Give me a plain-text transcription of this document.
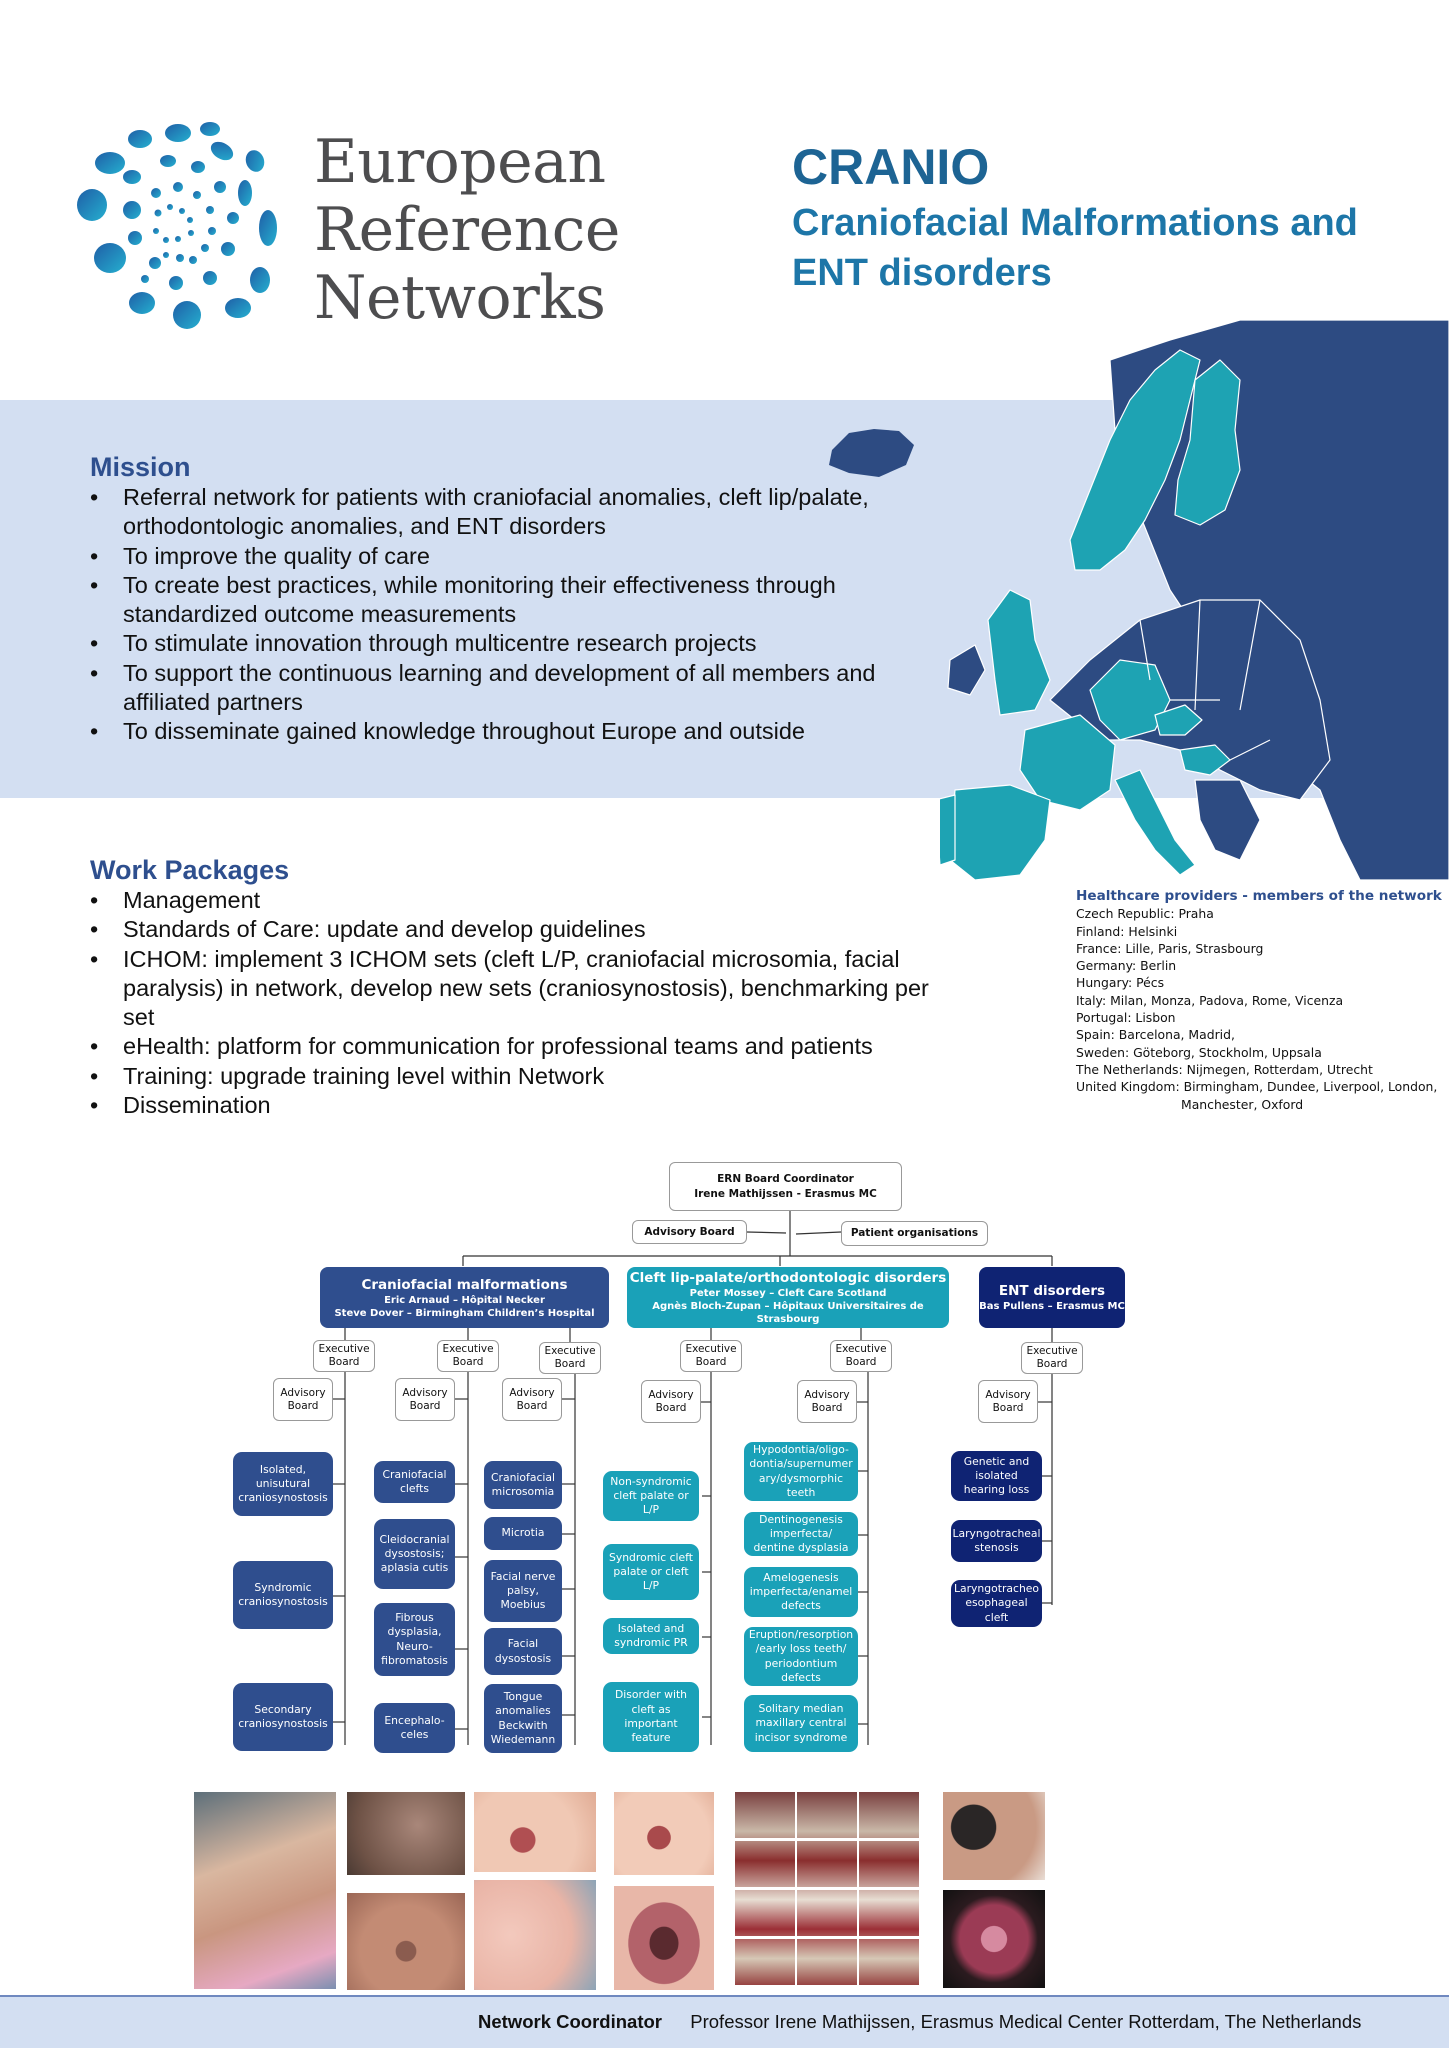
European
Reference
Networks
CRANIO
Craniofacial Malformations and
ENT disorders
Mission
• Referral network for patients with craniofacial anomalies, cleft lip/palate, orthodontologic anomalies, and ENT disorders
• To improve the quality of care
• To create best practices, while monitoring their effectiveness through standardized outcome measurements
• To stimulate innovation through multicentre research projects
• To support the continuous learning and development of all members and affiliated partners
• To disseminate gained knowledge throughout Europe and outside
Work Packages
• Management
• Standards of Care: update and develop guidelines
• ICHOM: implement 3 ICHOM sets (cleft L/P, craniofacial microsomia, facial paralysis) in network, develop new sets (craniosynostosis), benchmarking per set
• eHealth: platform for communication for professional teams and patients
• Training: upgrade training level within Network
• Dissemination
Healthcare providers - members of the network
Czech Republic: Praha
Finland: Helsinki
France: Lille, Paris, Strasbourg
Germany: Berlin
Hungary: Pécs
Italy: Milan, Monza, Padova, Rome, Vicenza
Portugal: Lisbon
Spain: Barcelona, Madrid,
Sweden: Göteborg, Stockholm, Uppsala
The Netherlands: Nijmegen, Rotterdam, Utrecht
United Kingdom: Birmingham, Dundee, Liverpool, London,
Manchester, Oxford
ERN Board Coordinator
Irene Mathijssen - Erasmus MC
Advisory Board	Patient organisations
Craniofacial malformations
Eric Arnaud – Hôpital Necker
Steve Dover – Birmingham Children’s Hospital
Cleft lip-palate/orthodontologic disorders
Peter Mossey – Cleft Care Scotland
Agnès Bloch-Zupan – Hôpitaux Universitaires de Strasbourg
ENT disorders
Bas Pullens – Erasmus MC
Executive Board
Executive Board
Executive Board
Executive Board
Executive Board
Executive Board
Advisory Board
Advisory Board
Advisory Board
Advisory Board
Advisory Board
Advisory Board
Isolated, unisutural craniosynostosis
Syndromic craniosynostosis
Secondary craniosynostosis
Craniofacial clefts
Cleidocranial dysostosis; aplasia cutis
Fibrous dysplasia, Neuro-fibromatosis
Encephalo-celes
Craniofacial microsomia
Microtia
Facial nerve palsy, Moebius
Facial dysostosis
Tongue anomalies Beckwith Wiedemann
Non-syndromic cleft palate or L/P
Syndromic cleft palate or cleft L/P
Isolated and syndromic PR
Disorder with cleft as important feature
Hypodontia/oligo-dontia/supernumer ary/dysmorphic teeth
Dentinogenesis imperfecta/ dentine dysplasia
Amelogenesis imperfecta/enamel defects
Eruption/resorption /early loss teeth/ periodontium defects
Solitary median maxillary central incisor syndrome
Genetic and isolated hearing loss
Laryngotracheal stenosis
Laryngotracheo esophageal cleft
Network Coordinator Professor Irene Mathijssen, Erasmus Medical Center Rotterdam, The Netherlands
